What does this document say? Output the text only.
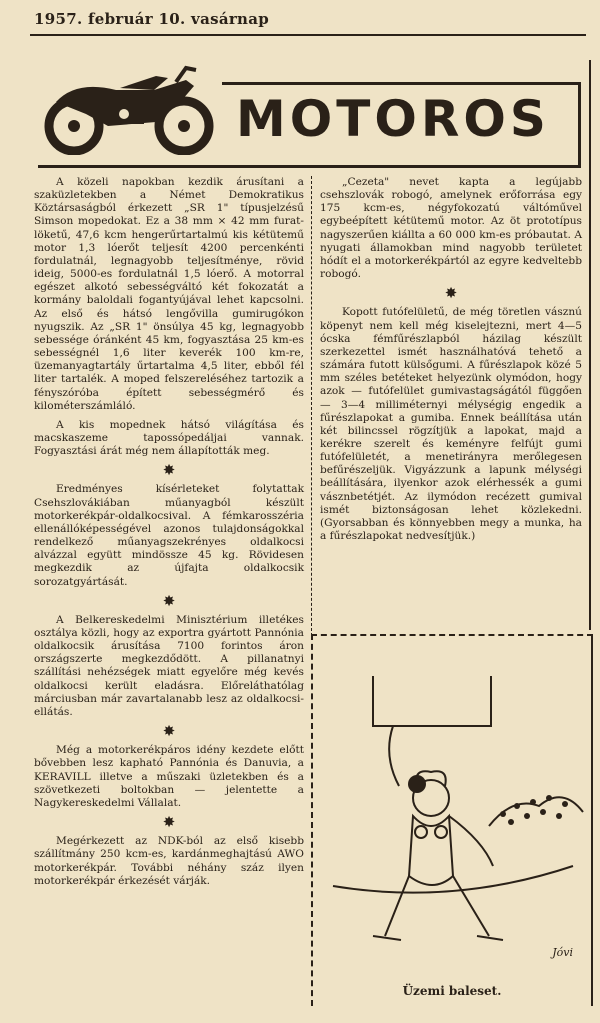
1957. február 10. vasárnap
MOTOROS

A közeli napokban kezdik árusítani a szaküzletekben a Német Demokratikus Köztársaságból érkezett „SR 1" típusjelzésű Simson mopedokat. Ez a 38 mm × 42 mm furat-löketű, 47,6 kcm hengerűrtartalmú kis kétütemű motor 1,3 lóerőt teljesít 4200 percenkénti fordulatnál, legnagyobb teljesítménye, rövid ideig, 5000-es fordulatnál 1,5 lóerő. A motorral egészet alkotó sebességváltó két fokozatát a kormány baloldali fogantyújával lehet kapcsolni. Az első és hátsó lengővilla gumirugókon nyugszik. Az „SR 1" önsúlya 45 kg, legnagyobb sebessége óránként 45 km, fogyasztása 25 km-es sebességnél 1,6 liter keverék 100 km-re, üzemanyagtartály űrtartalma 4,5 liter, ebből fél liter tartalék. A moped felszereléséhez tartozik a fényszóróba épített sebességmérő és kilométerszámláló.

A kis mopednek hátsó világítása és macskaszeme tapossópedáljai vannak. Fogyasztási árát még nem állapították meg.

✸

Eredményes kísérleteket folytattak Csehszlovákiában műanyagból készült motorkerékpár-oldalkocsival. A fémkarosszéria ellenállóképességével azonos tulajdonságokkal rendelkező műanyagszekrényes oldalkocsi alvázzal együtt mindössze 45 kg. Rövidesen megkezdik az újfajta oldalkocsik sorozatgyártását.

✸

A Belkereskedelmi Minisztérium illetékes osztálya közli, hogy az exportra gyártott Pannónia oldalkocsik árusítása 7100 forintos áron országszerte megkezdődött. A pillanatnyi szállítási nehézségek miatt egyelőre még kevés oldalkocsi került eladásra. Előreláthatólag márciusban már zavartalanabb lesz az oldalkocsi-ellátás.

✸

Még a motorkerékpáros idény kezdete előtt bővebben lesz kapható Pannónia és Danuvia, a KERAVILL illetve a műszaki üzletekben és a szövetkezeti boltokban — jelentette a Nagykereskedelmi Vállalat.

✸

Megérkezett az NDK-ból az első kisebb szállítmány 250 kcm-es, kardánmeghajtású AWO motorkerékpár. További néhány száz ilyen motorkerékpár érkezését várják.

„Cezeta" nevet kapta a legújabb csehszlovák robogó, amelynek erőforrása egy 175 kcm-es, négyfokozatú váltóművel egybeépített kétütemű motor. Az öt prototípus nagyszerűen kiállta a 60 000 km-es próbautat. A nyugati államokban mind nagyobb területet hódít el a motorkerékpártól az egyre kedveltebb robogó.

✸

Kopott futófelületű, de még töretlen vásznú köpenyt nem kell még kiselejtezni, mert 4—5 ócska fémfűrészlapból házilag készült szerkezettel ismét használhatóvá tehető a számára futott külsőgumi. A fűrészlapok közé 5 mm széles betéteket helyezünk olymódon, hogy azok — futófelület gumivastagságától függően — 3—4 milliméternyi mélységig engedik a fűrészlapokat a gumiba. Ennek beállítása után két bilincssel rögzítjük a lapokat, majd a kerékre szerelt és keményre felfújt gumi futófelületét, a menetirányra merőlegesen befűrészeljük. Vigyázzunk a lapunk mélységi beállítására, ilyenkor azok elérhessék a gumi vásznbetétjét. Az ilymódon recézett gumival ismét biztonságosan lehet közlekedni. (Gyorsabban és könnyebben megy a munka, ha a fűrészlapokat nedvesítjük.)

Jóvi
Üzemi baleset.
